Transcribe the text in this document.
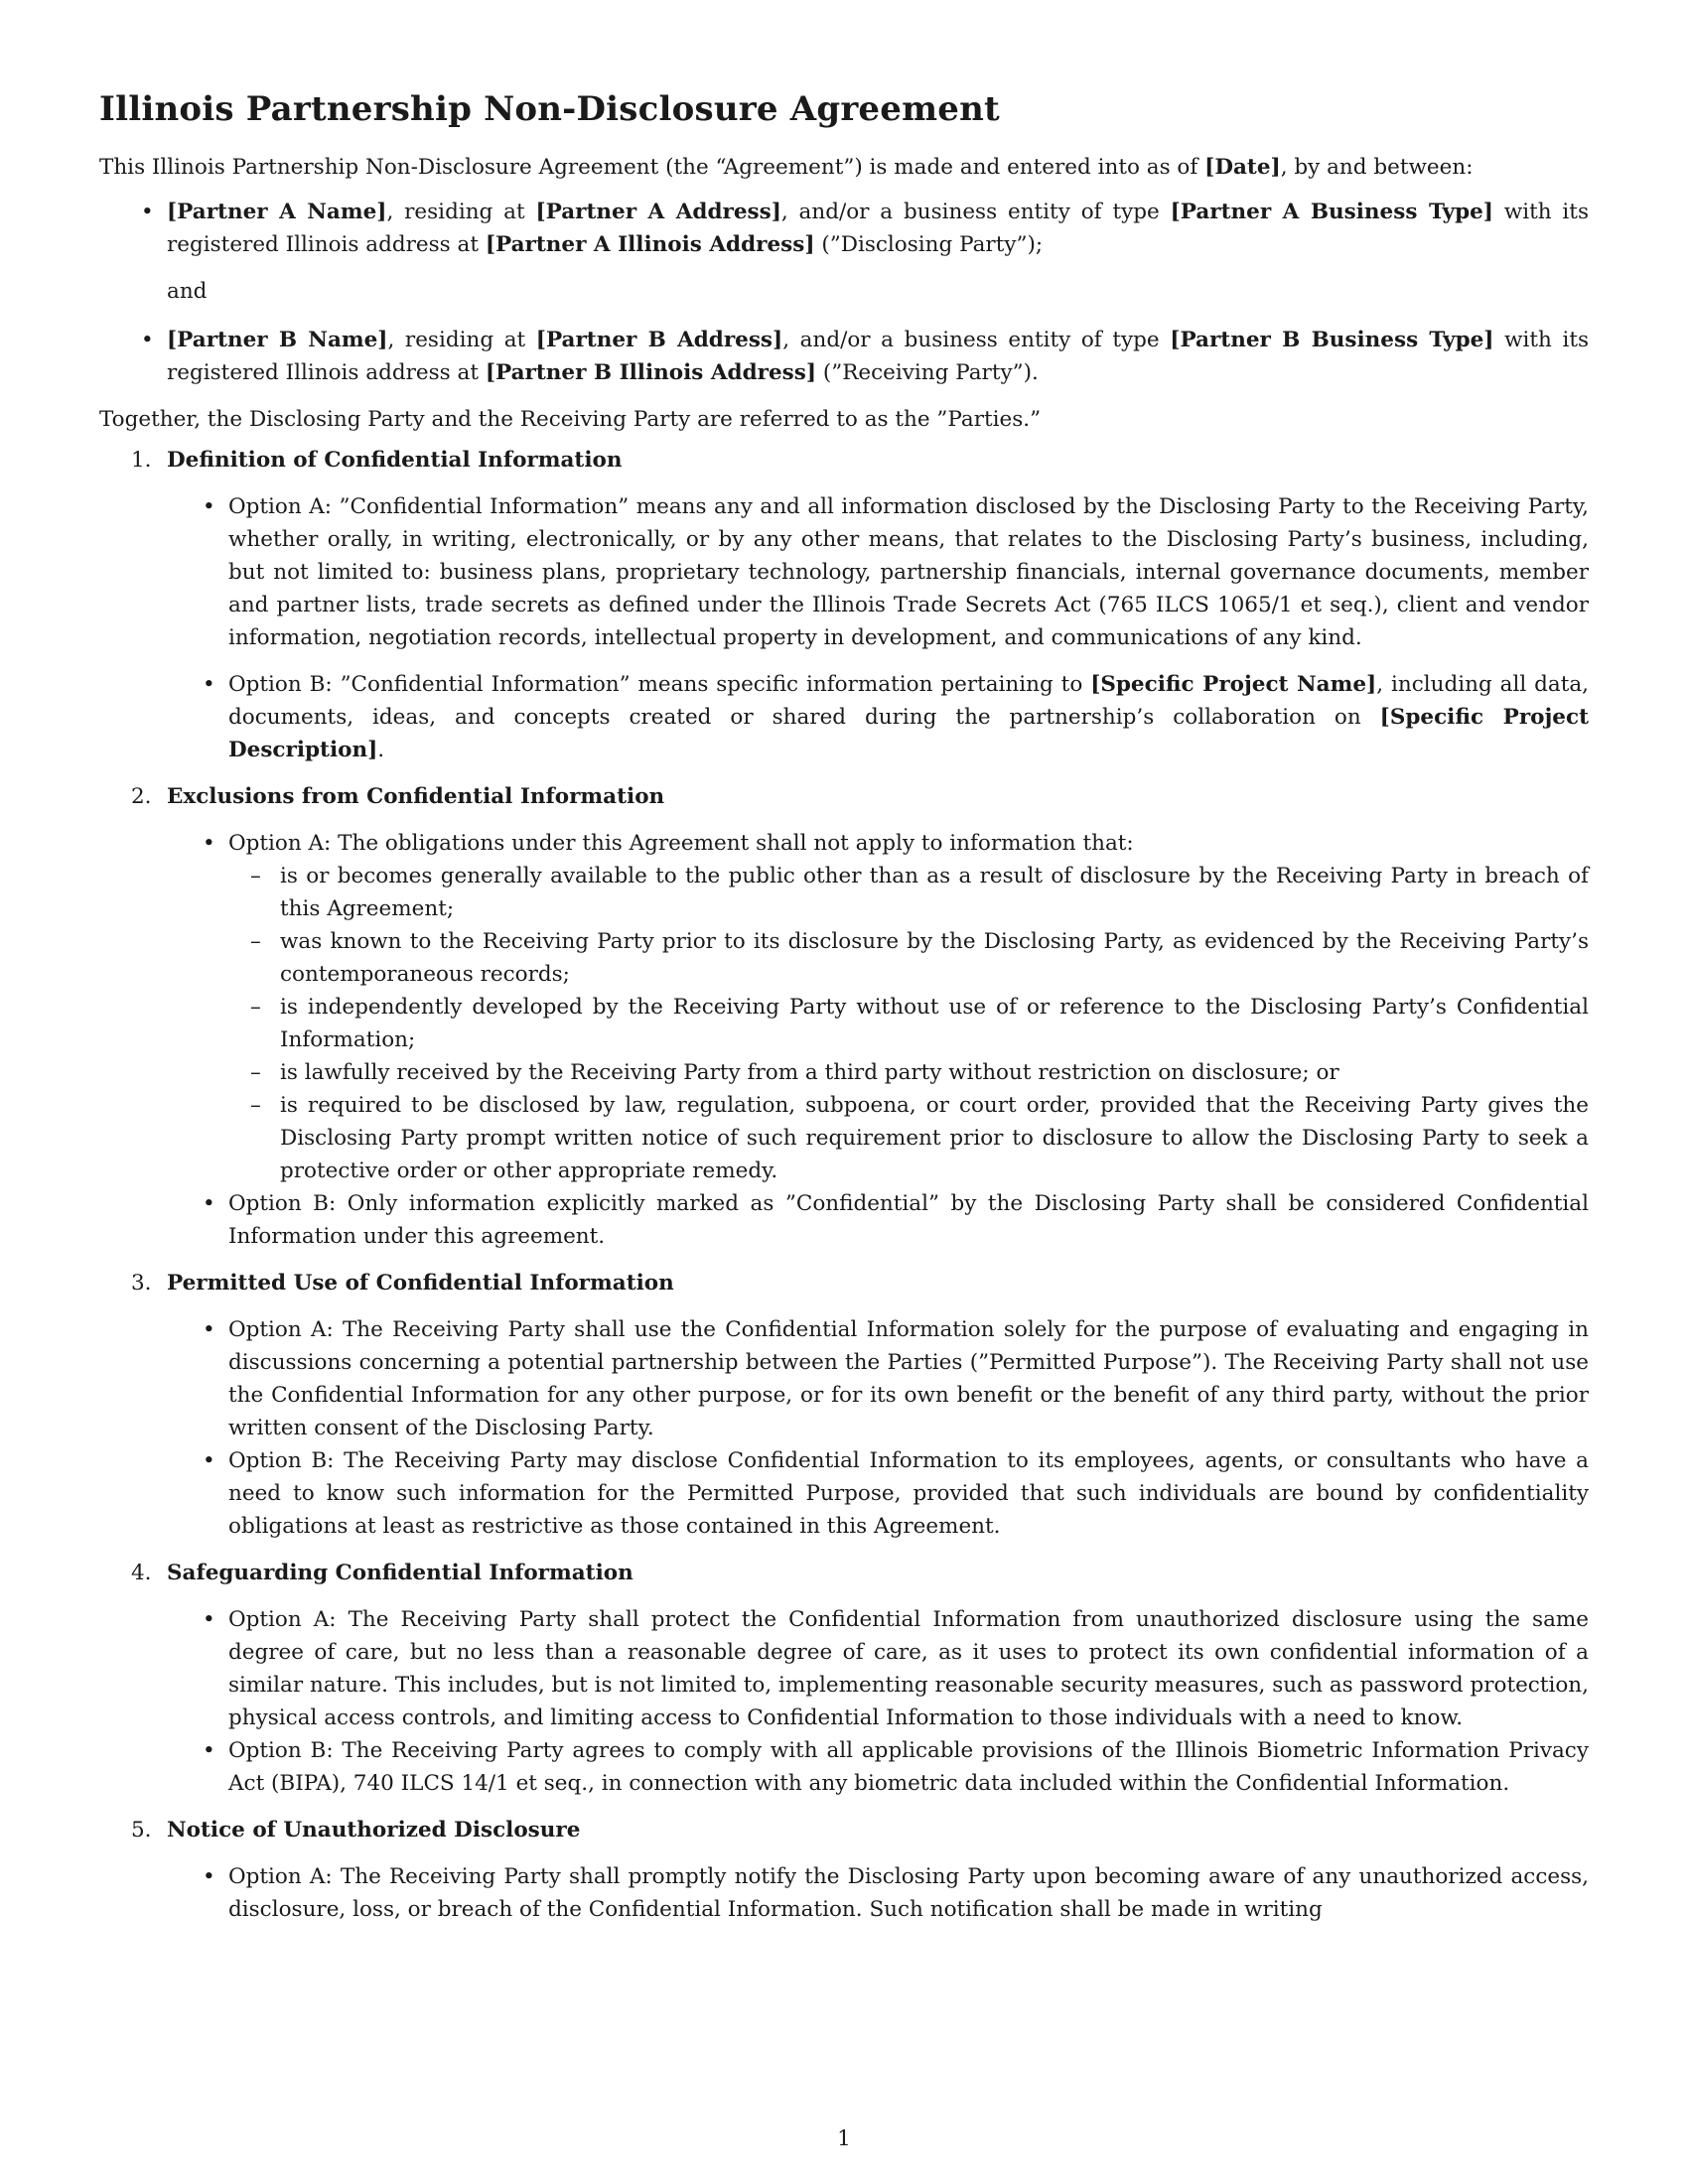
Illinois Partnership Non-Disclosure Agreement

This Illinois Partnership Non-Disclosure Agreement (the “Agreement”) is made and entered into as of [Date], by and between:

• [Partner A Name], residing at [Partner A Address], and/or a business entity of type [Partner A Business Type] with its registered Illinois address at [Partner A Illinois Address] (”Disclosing Party”);

and

• [Partner B Name], residing at [Partner B Address], and/or a business entity of type [Partner B Business Type] with its registered Illinois address at [Partner B Illinois Address] (”Receiving Party”).

Together, the Disclosing Party and the Receiving Party are referred to as the ”Parties.”

1. Definition of Confidential Information
• Option A: ”Confidential Information” means any and all information disclosed by the Disclosing Party to the Receiving Party, whether orally, in writing, electronically, or by any other means, that relates to the Disclosing Party’s business, including, but not limited to: business plans, proprietary technology, partnership financials, internal governance documents, member and partner lists, trade secrets as defined under the Illinois Trade Secrets Act (765 ILCS 1065/1 et seq.), client and vendor information, negotiation records, intellectual property in development, and communications of any kind.
• Option B: ”Confidential Information” means specific information pertaining to [Specific Project Name], including all data, documents, ideas, and concepts created or shared during the partnership’s collaboration on [Specific Project Description].
2. Exclusions from Confidential Information
• Option A: The obligations under this Agreement shall not apply to information that:
– is or becomes generally available to the public other than as a result of disclosure by the Receiving Party in breach of this Agreement;
– was known to the Receiving Party prior to its disclosure by the Disclosing Party, as evidenced by the Receiving Party’s contemporaneous records;
– is independently developed by the Receiving Party without use of or reference to the Disclosing Party’s Confidential Information;
– is lawfully received by the Receiving Party from a third party without restriction on disclosure; or
– is required to be disclosed by law, regulation, subpoena, or court order, provided that the Receiving Party gives the Disclosing Party prompt written notice of such requirement prior to disclosure to allow the Disclosing Party to seek a protective order or other appropriate remedy.
• Option B: Only information explicitly marked as ”Confidential” by the Disclosing Party shall be considered Confidential Information under this agreement.
3. Permitted Use of Confidential Information
• Option A: The Receiving Party shall use the Confidential Information solely for the purpose of evaluating and engaging in discussions concerning a potential partnership between the Parties (”Permitted Purpose”). The Receiving Party shall not use the Confidential Information for any other purpose, or for its own benefit or the benefit of any third party, without the prior written consent of the Disclosing Party.
• Option B: The Receiving Party may disclose Confidential Information to its employees, agents, or consultants who have a need to know such information for the Permitted Purpose, provided that such individuals are bound by confidentiality obligations at least as restrictive as those contained in this Agreement.
4. Safeguarding Confidential Information
• Option A: The Receiving Party shall protect the Confidential Information from unauthorized disclosure using the same degree of care, but no less than a reasonable degree of care, as it uses to protect its own confidential information of a similar nature. This includes, but is not limited to, implementing reasonable security measures, such as password protection, physical access controls, and limiting access to Confidential Information to those individuals with a need to know.
• Option B: The Receiving Party agrees to comply with all applicable provisions of the Illinois Biometric Information Privacy Act (BIPA), 740 ILCS 14/1 et seq., in connection with any biometric data included within the Confidential Information.
5. Notice of Unauthorized Disclosure
• Option A: The Receiving Party shall promptly notify the Disclosing Party upon becoming aware of any unauthorized access, disclosure, loss, or breach of the Confidential Information. Such notification shall be made in writing
1
